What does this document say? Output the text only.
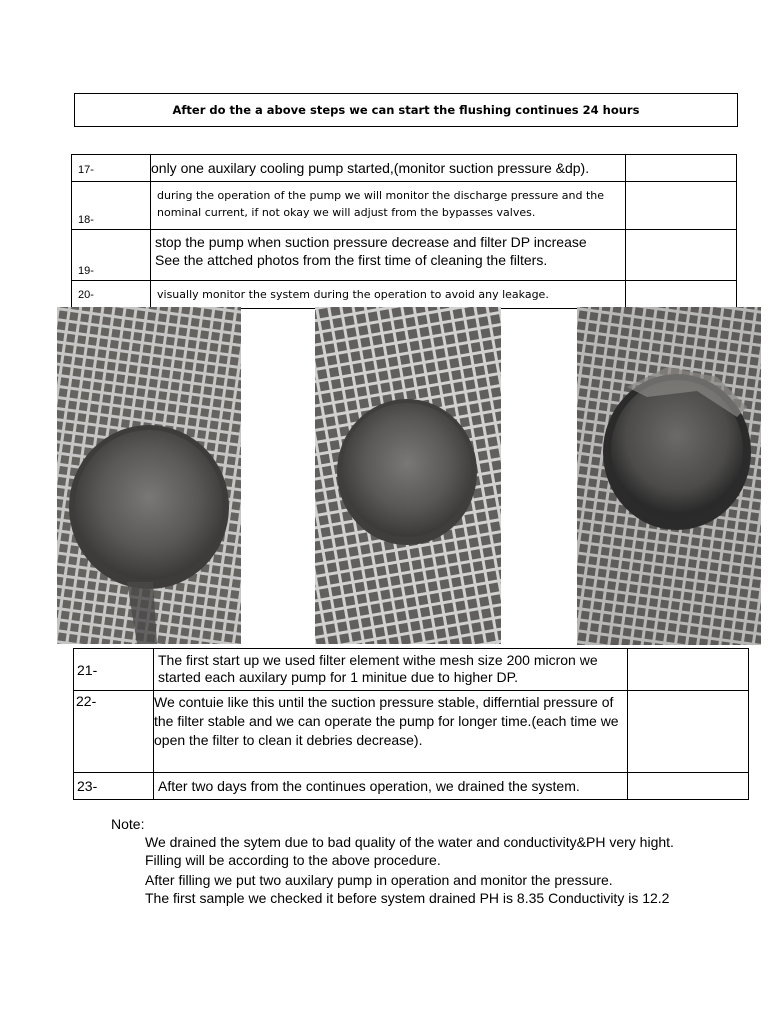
After do the a above steps we can start the flushing continues 24 hours
17-	only one auxilary cooling pump started,(monitor suction pressure &dp).	
18-	during the operation of the pump we will monitor the discharge pressure and the nominal current, if not okay we will adjust from the bypasses valves.	
19-	stop the pump when suction pressure decrease and filter DP increase
See the attched photos from the first time of cleaning the filters.	

20-	visually monitor the system during the operation to avoid any leakage.	
21-	The first start up we used filter element withe mesh size 200 micron we started each auxilary pump for 1 minitue due to higher DP.	
22-	We contuie like this until the suction pressure stable, differntial pressure of the filter stable and we can operate the pump for longer time.(each time we open the filter to clean it debries decrease).	
23-	After two days from the continues operation, we drained the system.	
Note:
We drained the sytem due to bad quality of the water and conductivity&PH very hight.
Filling will be according to the above procedure.
After filling we put two auxilary pump in operation and monitor the pressure.
The first sample we checked it before system drained PH is 8.35 Conductivity is 12.2
